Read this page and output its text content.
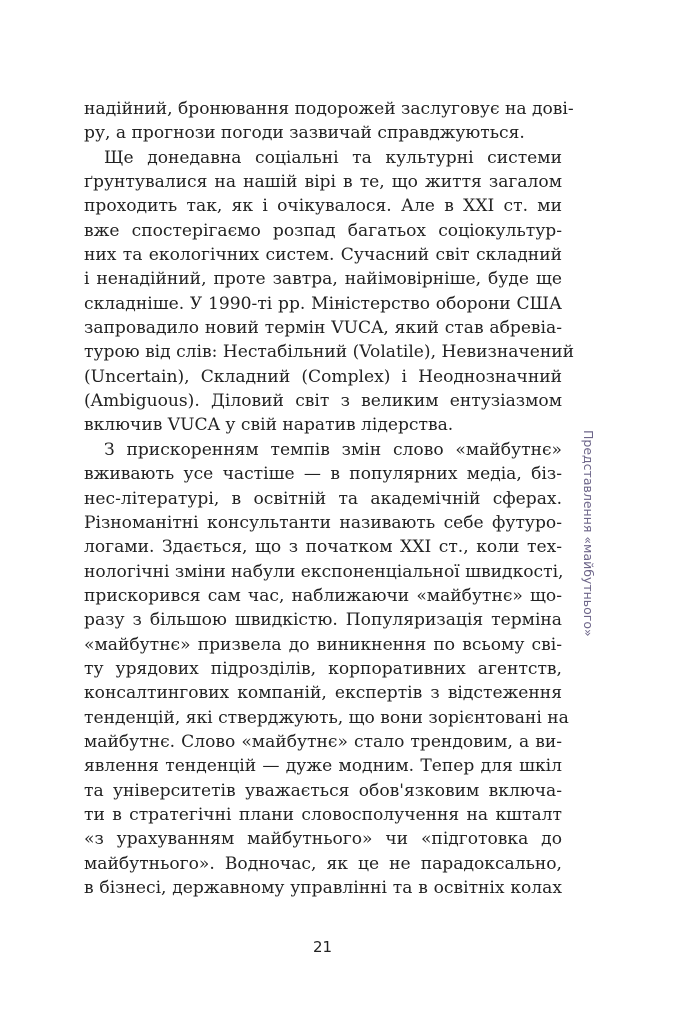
надійний, бронювання подорожей заслуговує на дові-
ру, а прогнози погоди зазвичай справджуються.
Ще донедавна соціальні та культурні системи
ґрунтувалися на нашій вірі в те, що життя загалом
проходить так, як і очікувалося. Але в XXI ст. ми
вже спостерігаємо розпад багатьох соціокультур-
них та екологічних систем. Сучасний світ складний
і ненадійний, проте завтра, найімовірніше, буде ще
складніше. У 1990-ті рр. Міністерство оборони США
запровадило новий термін VUCA, який став абревіа-
турою від слів: Нестабільний (Volatile), Невизначений
(Uncertain), Складний (Complex) і Неоднозначний
(Ambiguous). Діловий світ з великим ентузіазмом
включив VUCA у свій наратив лідерства.
З прискоренням темпів змін слово «майбутнє»
вживають усе частіше — в популярних медіа, біз-
нес-літературі, в освітній та академічній сферах.
Різноманітні консультанти називають себе футуро-
логами. Здається, що з початком XXI ст., коли тех-
нологічні зміни набули експоненціальної швидкості,
прискорився сам час, наближаючи «майбутнє» що-
разу з більшою швидкістю. Популяризація терміна
«майбутнє» призвела до виникнення по всьому сві-
ту урядових підрозділів, корпоративних агентств,
консалтингових компаній, експертів з відстеження
тенденцій, які стверджують, що вони зорієнтовані на
майбутнє. Слово «майбутнє» стало трендовим, а ви-
явлення тенденцій — дуже модним. Тепер для шкіл
та університетів уважається обов'язковим включа-
ти в стратегічні плани словосполучення на кшталт
«з урахуванням майбутнього» чи «підготовка до
майбутнього». Водночас, як це не парадоксально,
в бізнесі, державному управлінні та в освітніх колах
Представлення «майбутнього»
21
